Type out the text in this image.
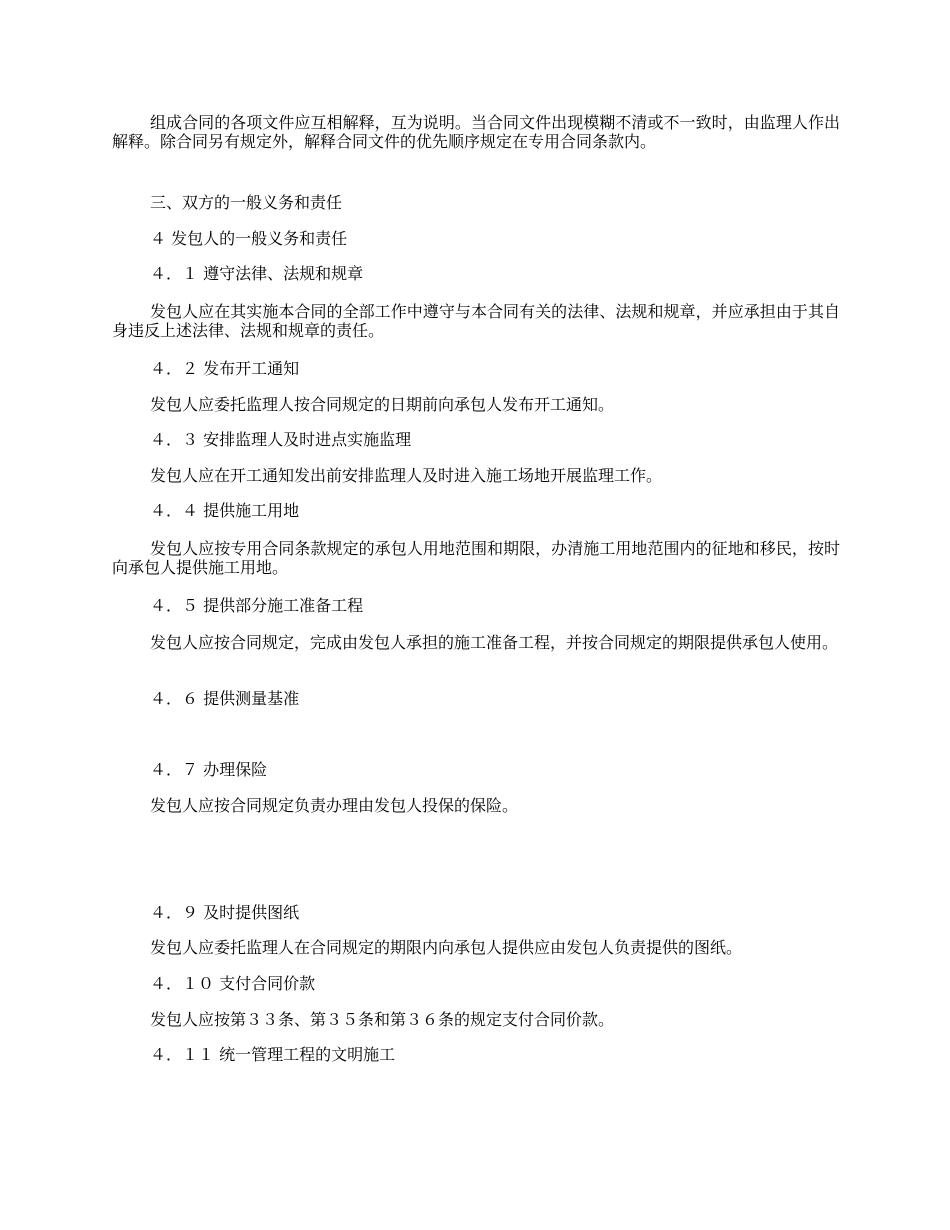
组成合同的各项文件应互相解释，互为说明。当合同文件出现模糊不清或不一致时，由监理人作出解释。除合同另有规定外，解释合同文件的优先顺序规定在专用合同条款内。

三、双方的一般义务和责任

４ 发包人的一般义务和责任

４．１ 遵守法律、法规和规章

发包人应在其实施本合同的全部工作中遵守与本合同有关的法律、法规和规章，并应承担由于其自身违反上述法律、法规和规章的责任。

４．２ 发布开工通知

发包人应委托监理人按合同规定的日期前向承包人发布开工通知。

４．３ 安排监理人及时进点实施监理

发包人应在开工通知发出前安排监理人及时进入施工场地开展监理工作。

４．４ 提供施工用地

发包人应按专用合同条款规定的承包人用地范围和期限，办清施工用地范围内的征地和移民，按时向承包人提供施工用地。

４．５ 提供部分施工准备工程

发包人应按合同规定，完成由发包人承担的施工准备工程，并按合同规定的期限提供承包人使用。

４．６ 提供测量基准

４．７ 办理保险

发包人应按合同规定负责办理由发包人投保的保险。

４．９ 及时提供图纸

发包人应委托监理人在合同规定的期限内向承包人提供应由发包人负责提供的图纸。

４．１０ 支付合同价款

发包人应按第３３条、第３５条和第３６条的规定支付合同价款。

４．１１ 统一管理工程的文明施工
